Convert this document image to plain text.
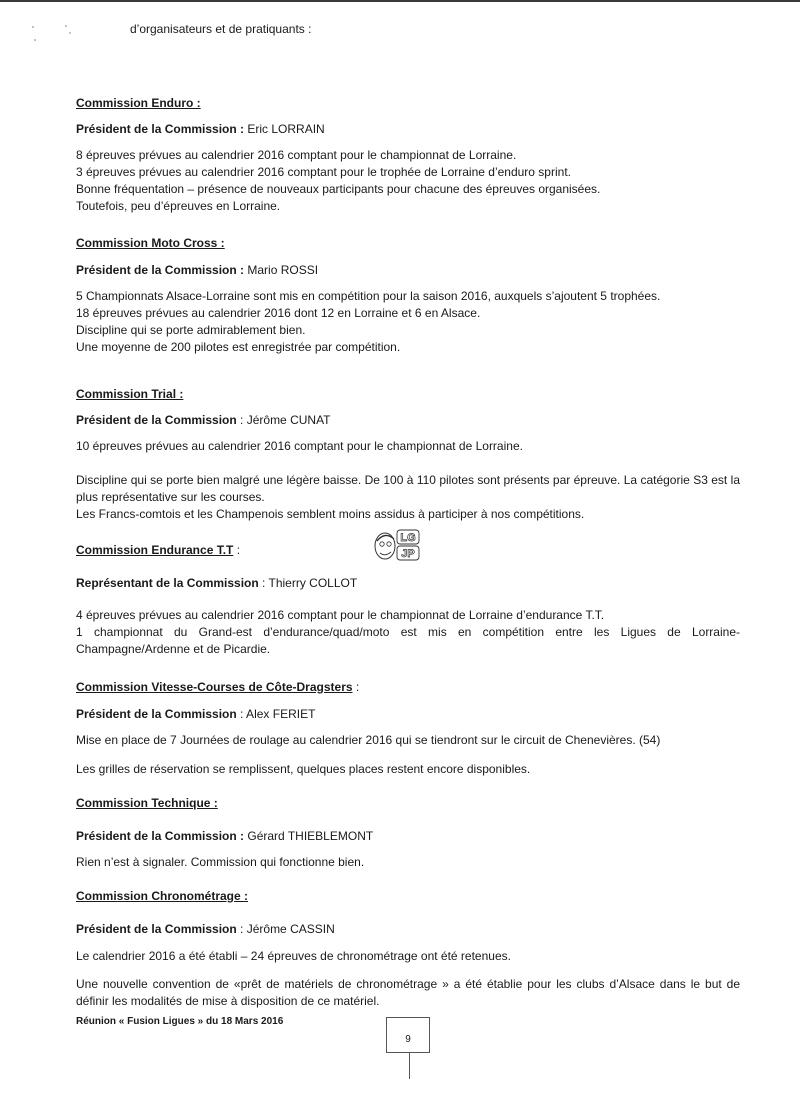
d’organisateurs et de pratiquants :
Commission Enduro :
Président de la Commission : Eric LORRAIN

8 épreuves prévues au calendrier 2016 comptant pour le championnat de Lorraine.

3 épreuves prévues au calendrier 2016 comptant pour le trophée de Lorraine d’enduro sprint.

Bonne fréquentation – présence de nouveaux participants pour chacune des épreuves organisées.

Toutefois, peu d’épreuves en Lorraine.

Commission Moto Cross :
Président de la Commission : Mario ROSSI

5 Championnats Alsace-Lorraine sont mis en compétition pour la saison 2016, auxquels s’ajoutent 5 trophées.

18 épreuves prévues au calendrier 2016 dont 12 en Lorraine et 6 en Alsace.

Discipline qui se porte admirablement bien.

Une moyenne de 200 pilotes est enregistrée par compétition.

Commission Trial :
Président de la Commission : Jérôme CUNAT

10 épreuves prévues au calendrier 2016 comptant pour le championnat de Lorraine.

Discipline qui se porte bien malgré une légère baisse. De 100 à 110 pilotes sont présents par épreuve. La catégorie S3 est la plus représentative sur les courses.

Les Francs-comtois et les Champenois semblent moins assidus à participer à nos compétitions.

Commission Endurance T.T :
Représentant de la Commission : Thierry COLLOT

4 épreuves prévues au calendrier 2016 comptant pour le championnat de Lorraine d’endurance T.T.

1 championnat du Grand-est d’endurance/quad/moto est mis en compétition entre les Ligues de Lorraine-Champagne/Ardenne et de Picardie.

Commission Vitesse-Courses de Côte-Dragsters :
Président de la Commission : Alex FERIET
Mise en place de 7 Journées de roulage au calendrier 2016 qui se tiendront sur le circuit de Chenevières. (54)
Les grilles de réservation se remplissent, quelques places restent encore disponibles.
Commission Technique :
Président de la Commission : Gérard THIEBLEMONT
Rien n’est à signaler. Commission qui fonctionne bien.
Commission Chronométrage :
Président de la Commission : Jérôme CASSIN
Le calendrier 2016 a été établi – 24 épreuves de chronométrage ont été retenues.

Une nouvelle convention de «prêt de matériels de chronométrage » a été établie pour les clubs d’Alsace dans le but de définir les modalités de mise à disposition de ce matériel.

LG
JP
Réunion « Fusion Ligues » du 18 Mars 2016
9
